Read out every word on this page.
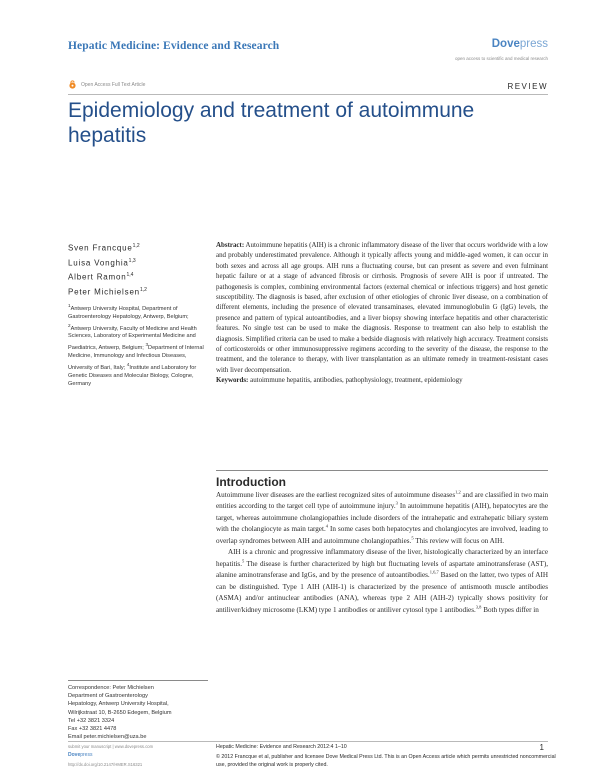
Hepatic Medicine: Evidence and Research	Dovepress
open access to scientific and medical research
Open Access Full Text Article	REVIEW
Epidemiology and treatment of autoimmune hepatitis
Sven Francque$^{1,2}$
Luisa Vonghia$^{1,3}$
Albert Ramon$^{1,4}$
Peter Michielsen$^{1,2}$
$^1$Antwerp University Hospital, Department of Gastroenterology Hepatology, Antwerp, Belgium; $^2$Antwerp University, Faculty of Medicine and Health Sciences, Laboratory of Experimental Medicine and Paediatrics, Antwerp, Belgium; $^3$Department of Internal Medicine, Immunology and Infectious Diseases, University of Bari, Italy; $^4$Institute and Laboratory for Genetic Diseases and Molecular Biology, Cologne, Germany
Abstract: Autoimmune hepatitis (AIH) is a chronic inflammatory disease of the liver that occurs worldwide with a low and probably underestimated prevalence. Although it typically affects young and middle-aged women, it can occur in both sexes and across all age groups. AIH runs a fluctuating course, but can present as severe and even fulminant hepatic failure or at a stage of advanced fibrosis or cirrhosis. Prognosis of severe AIH is poor if untreated. The pathogenesis is complex, combining environmental factors (external chemical or infectious triggers) and host genetic susceptibility. The diagnosis is based, after exclusion of other etiologies of chronic liver disease, on a combination of different elements, including the presence of elevated transaminases, elevated immunoglobulin G (IgG) levels, the presence and pattern of typical autoantibodies, and a liver biopsy showing interface hepatitis and other characteristic features. No single test can be used to make the diagnosis. Response to treatment can also help to establish the diagnosis. Simplified criteria can be used to make a bedside diagnosis with relatively high accuracy. Treatment consists of corticosteroids or other immunosuppressive regimens according to the severity of the disease, the response to the treatment, and the tolerance to therapy, with liver transplantation as an ultimate remedy in treatment-resistant cases with liver decompensation.
Keywords: autoimmune hepatitis, antibodies, pathophysiology, treatment, epidemiology
Introduction

Autoimmune liver diseases are the earliest recognized sites of autoimmune diseases$^{1,2}$ and are classified in two main entities according to the target cell type of autoimmune injury.$^3$ In autoimmune hepatitis (AIH), hepatocytes are the target, whereas autoimmune cholangiopathies include disorders of the intrahepatic and extrahepatic biliary system with the cholangiocyte as main target.$^4$ In some cases both hepatocytes and cholangiocytes are involved, leading to overlap syndromes between AIH and autoimmune cholangiopathies.$^5$ This review will focus on AIH.

AIH is a chronic and progressive inflammatory disease of the liver, histologically characterized by an interface hepatitis.$^5$ The disease is further characterized by high but fluctuating levels of aspartate aminotransferase (AST), alanine aminotransferase and IgGs, and by the presence of autoantibodies.$^{1,6,7}$ Based on the latter, two types of AIH can be distinguished. Type 1 AIH (AIH-1) is characterized by the presence of antismooth muscle antibodies (ASMA) and/or antinuclear antibodies (ANA), whereas type 2 AIH (AIH-2) typically shows positivity for antiliver/kidney microsome (LKM) type 1 antibodies or antiliver cytosol type 1 antibodies.$^{3,8}$ Both types differ in

Correspondence: Peter Michielsen
Department of Gastroenterology
Hepatology, Antwerp University Hospital,
Wilrijkstraat 10, B-2650 Edegem, Belgium
Tel +32 3821 3324
Fax +32 3821 4478
Email peter.michielsen@uza.be
submit your manuscript | www.dovepress.com
Dovepress
http://dx.doi.org/10.2147/HMER.S16321
Hepatic Medicine: Evidence and Research 2012:4 1–10	1
© 2012 Francque et al, publisher and licensee Dove Medical Press Ltd. This is an Open Access article which permits unrestricted noncommercial use, provided the original work is properly cited.
